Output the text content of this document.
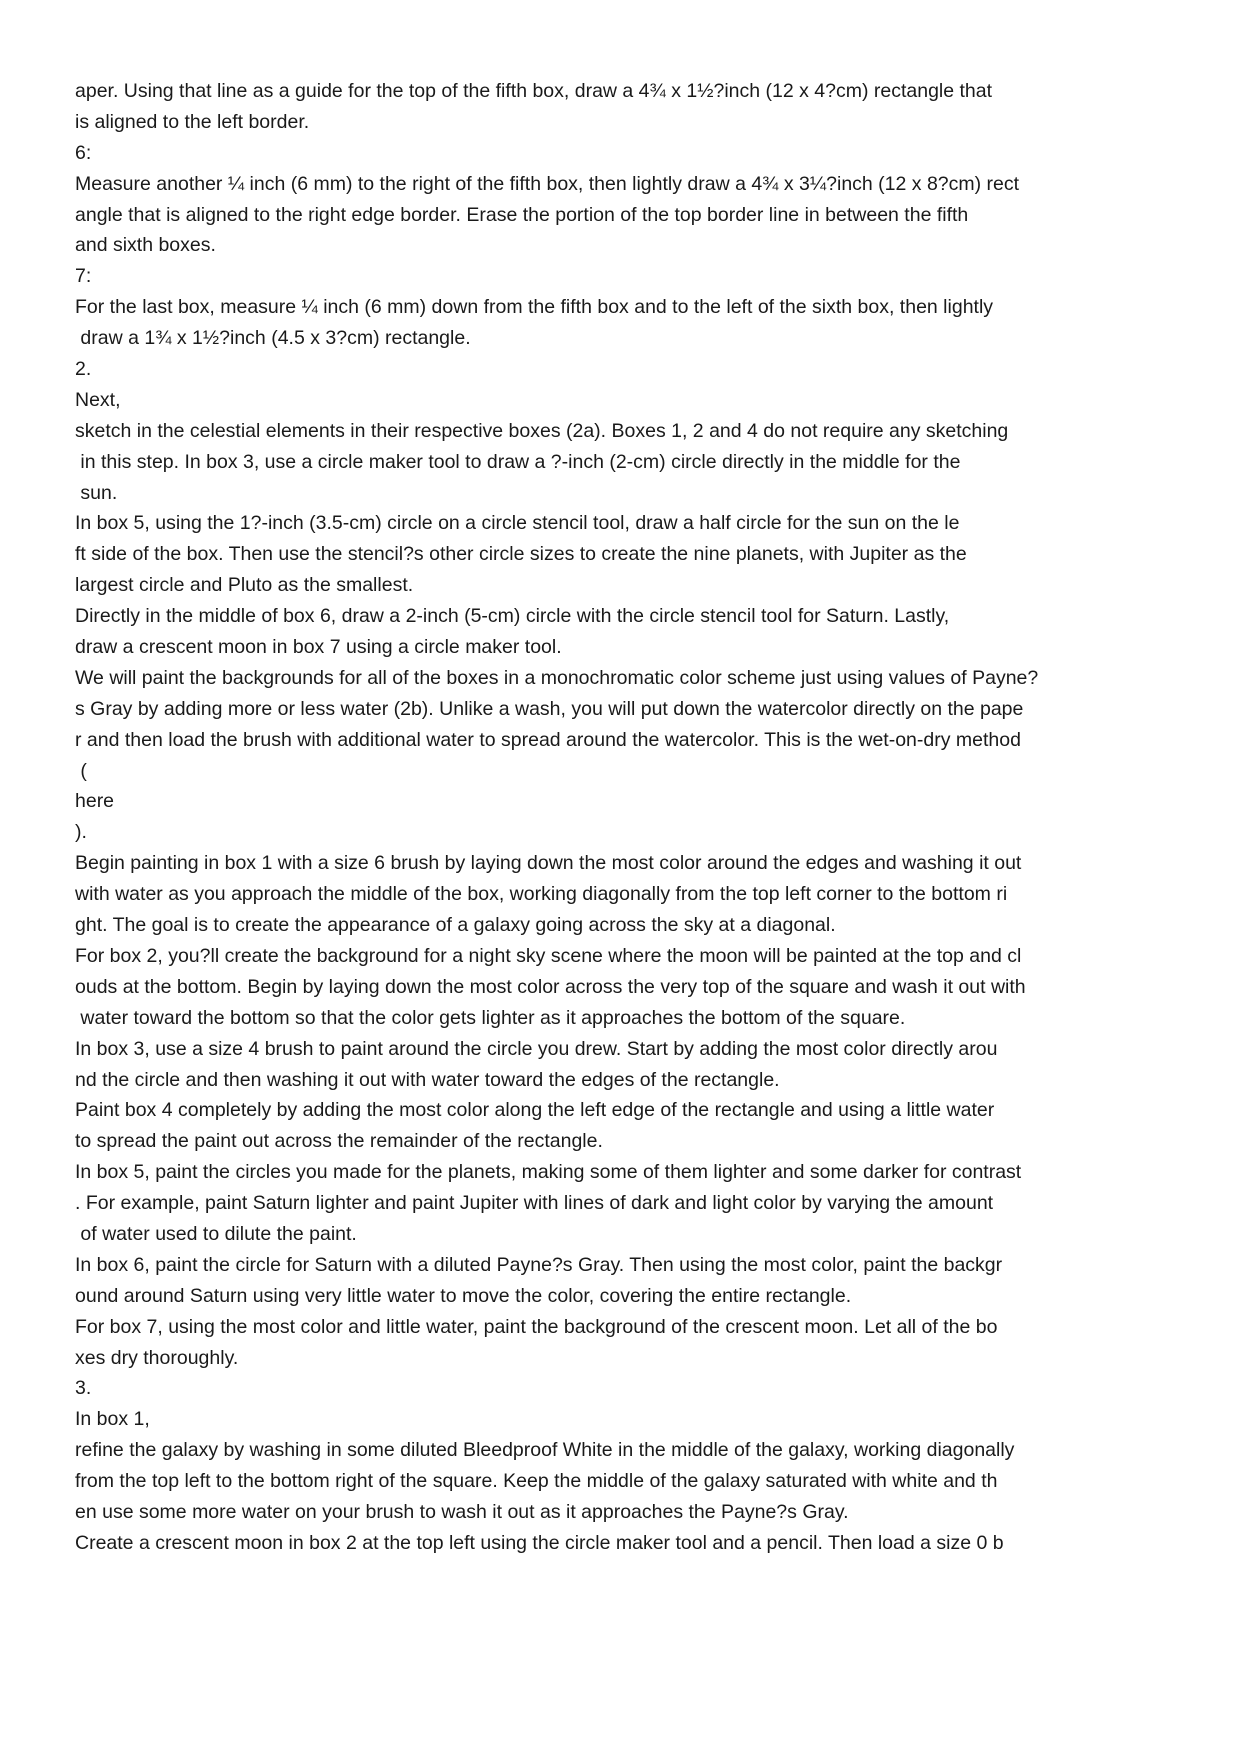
aper. Using that line as a guide for the top of the fifth box, draw a 4¾ x 1½?inch (12 x 4?cm) rectangle that
is aligned to the left border.
6:
Measure another ¼ inch (6 mm) to the right of the fifth box, then lightly draw a 4¾ x 3¼?inch (12 x 8?cm) rect
angle that is aligned to the right edge border. Erase the portion of the top border line in between the fifth
and sixth boxes.
7:
For the last box, measure ¼ inch (6 mm) down from the fifth box and to the left of the sixth box, then lightly
draw a 1¾ x 1½?inch (4.5 x 3?cm) rectangle.
2.
Next,
sketch in the celestial elements in their respective boxes (2a). Boxes 1, 2 and 4 do not require any sketching
in this step. In box 3, use a circle maker tool to draw a ?-inch (2-cm) circle directly in the middle for the
sun.
In box 5, using the 1?-inch (3.5-cm) circle on a circle stencil tool, draw a half circle for the sun on the le
ft side of the box. Then use the stencil?s other circle sizes to create the nine planets, with Jupiter as the
largest circle and Pluto as the smallest.
Directly in the middle of box 6, draw a 2-inch (5-cm) circle with the circle stencil tool for Saturn. Lastly,
draw a crescent moon in box 7 using a circle maker tool.
We will paint the backgrounds for all of the boxes in a monochromatic color scheme just using values of Payne?
s Gray by adding more or less water (2b). Unlike a wash, you will put down the watercolor directly on the pape
r and then load the brush with additional water to spread around the watercolor. This is the wet-on-dry method
(
here
).
Begin painting in box 1 with a size 6 brush by laying down the most color around the edges and washing it out
with water as you approach the middle of the box, working diagonally from the top left corner to the bottom ri
ght. The goal is to create the appearance of a galaxy going across the sky at a diagonal.
For box 2, you?ll create the background for a night sky scene where the moon will be painted at the top and cl
ouds at the bottom. Begin by laying down the most color across the very top of the square and wash it out with
water toward the bottom so that the color gets lighter as it approaches the bottom of the square.
In box 3, use a size 4 brush to paint around the circle you drew. Start by adding the most color directly arou
nd the circle and then washing it out with water toward the edges of the rectangle.
Paint box 4 completely by adding the most color along the left edge of the rectangle and using a little water
to spread the paint out across the remainder of the rectangle.
In box 5, paint the circles you made for the planets, making some of them lighter and some darker for contrast
. For example, paint Saturn lighter and paint Jupiter with lines of dark and light color by varying the amount
of water used to dilute the paint.
In box 6, paint the circle for Saturn with a diluted Payne?s Gray. Then using the most color, paint the backgr
ound around Saturn using very little water to move the color, covering the entire rectangle.
For box 7, using the most color and little water, paint the background of the crescent moon. Let all of the bo
xes dry thoroughly.
3.
In box 1,
refine the galaxy by washing in some diluted Bleedproof White in the middle of the galaxy, working diagonally
from the top left to the bottom right of the square. Keep the middle of the galaxy saturated with white and th
en use some more water on your brush to wash it out as it approaches the Payne?s Gray.
Create a crescent moon in box 2 at the top left using the circle maker tool and a pencil. Then load a size 0 b
